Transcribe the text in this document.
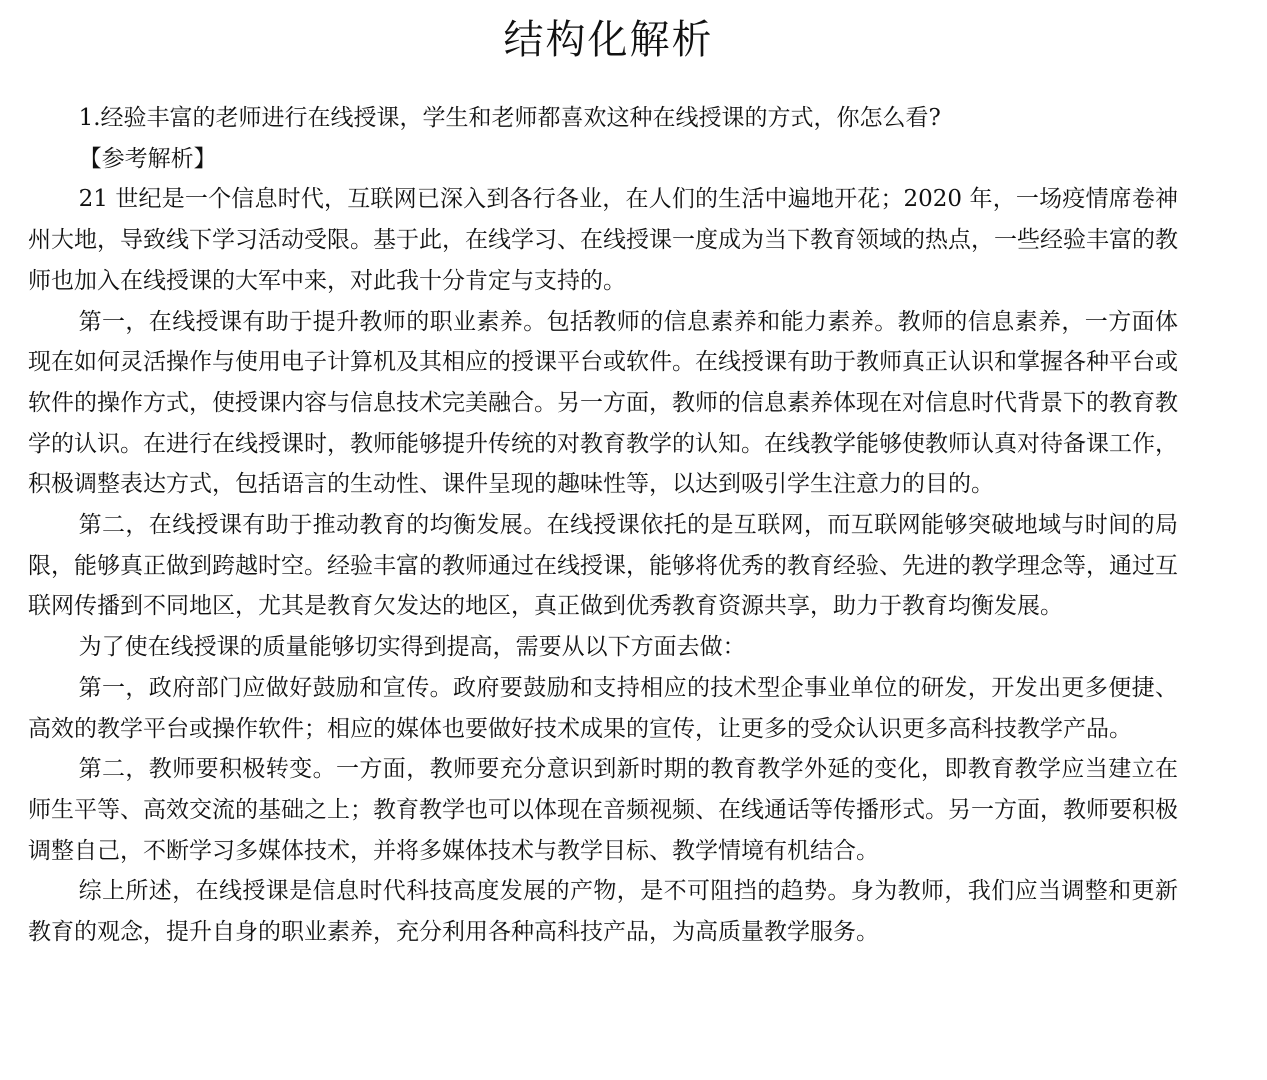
结构化解析

1.经验丰富的老师进行在线授课，学生和老师都喜欢这种在线授课的方式，你怎么看?

【参考解析】

21 世纪是一个信息时代，互联网已深入到各行各业，在人们的生活中遍地开花；2020 年，一场疫情席卷神州大地，导致线下学习活动受限。基于此，在线学习、在线授课一度成为当下教育领域的热点，一些经验丰富的教师也加入在线授课的大军中来，对此我十分肯定与支持的。

第一，在线授课有助于提升教师的职业素养。包括教师的信息素养和能力素养。教师的信息素养，一方面体现在如何灵活操作与使用电子计算机及其相应的授课平台或软件。在线授课有助于教师真正认识和掌握各种平台或软件的操作方式，使授课内容与信息技术完美融合。另一方面，教师的信息素养体现在对信息时代背景下的教育教学的认识。在进行在线授课时，教师能够提升传统的对教育教学的认知。在线教学能够使教师认真对待备课工作，积极调整表达方式，包括语言的生动性、课件呈现的趣味性等，以达到吸引学生注意力的目的。

第二，在线授课有助于推动教育的均衡发展。在线授课依托的是互联网，而互联网能够突破地域与时间的局限，能够真正做到跨越时空。经验丰富的教师通过在线授课，能够将优秀的教育经验、先进的教学理念等，通过互联网传播到不同地区，尤其是教育欠发达的地区，真正做到优秀教育资源共享，助力于教育均衡发展。

为了使在线授课的质量能够切实得到提高，需要从以下方面去做：

第一，政府部门应做好鼓励和宣传。政府要鼓励和支持相应的技术型企事业单位的研发，开发出更多便捷、高效的教学平台或操作软件；相应的媒体也要做好技术成果的宣传，让更多的受众认识更多高科技教学产品。

第二，教师要积极转变。一方面，教师要充分意识到新时期的教育教学外延的变化，即教育教学应当建立在师生平等、高效交流的基础之上；教育教学也可以体现在音频视频、在线通话等传播形式。另一方面，教师要积极调整自己，不断学习多媒体技术，并将多媒体技术与教学目标、教学情境有机结合。

综上所述，在线授课是信息时代科技高度发展的产物，是不可阻挡的趋势。身为教师，我们应当调整和更新教育的观念，提升自身的职业素养，充分利用各种高科技产品，为高质量教学服务。
